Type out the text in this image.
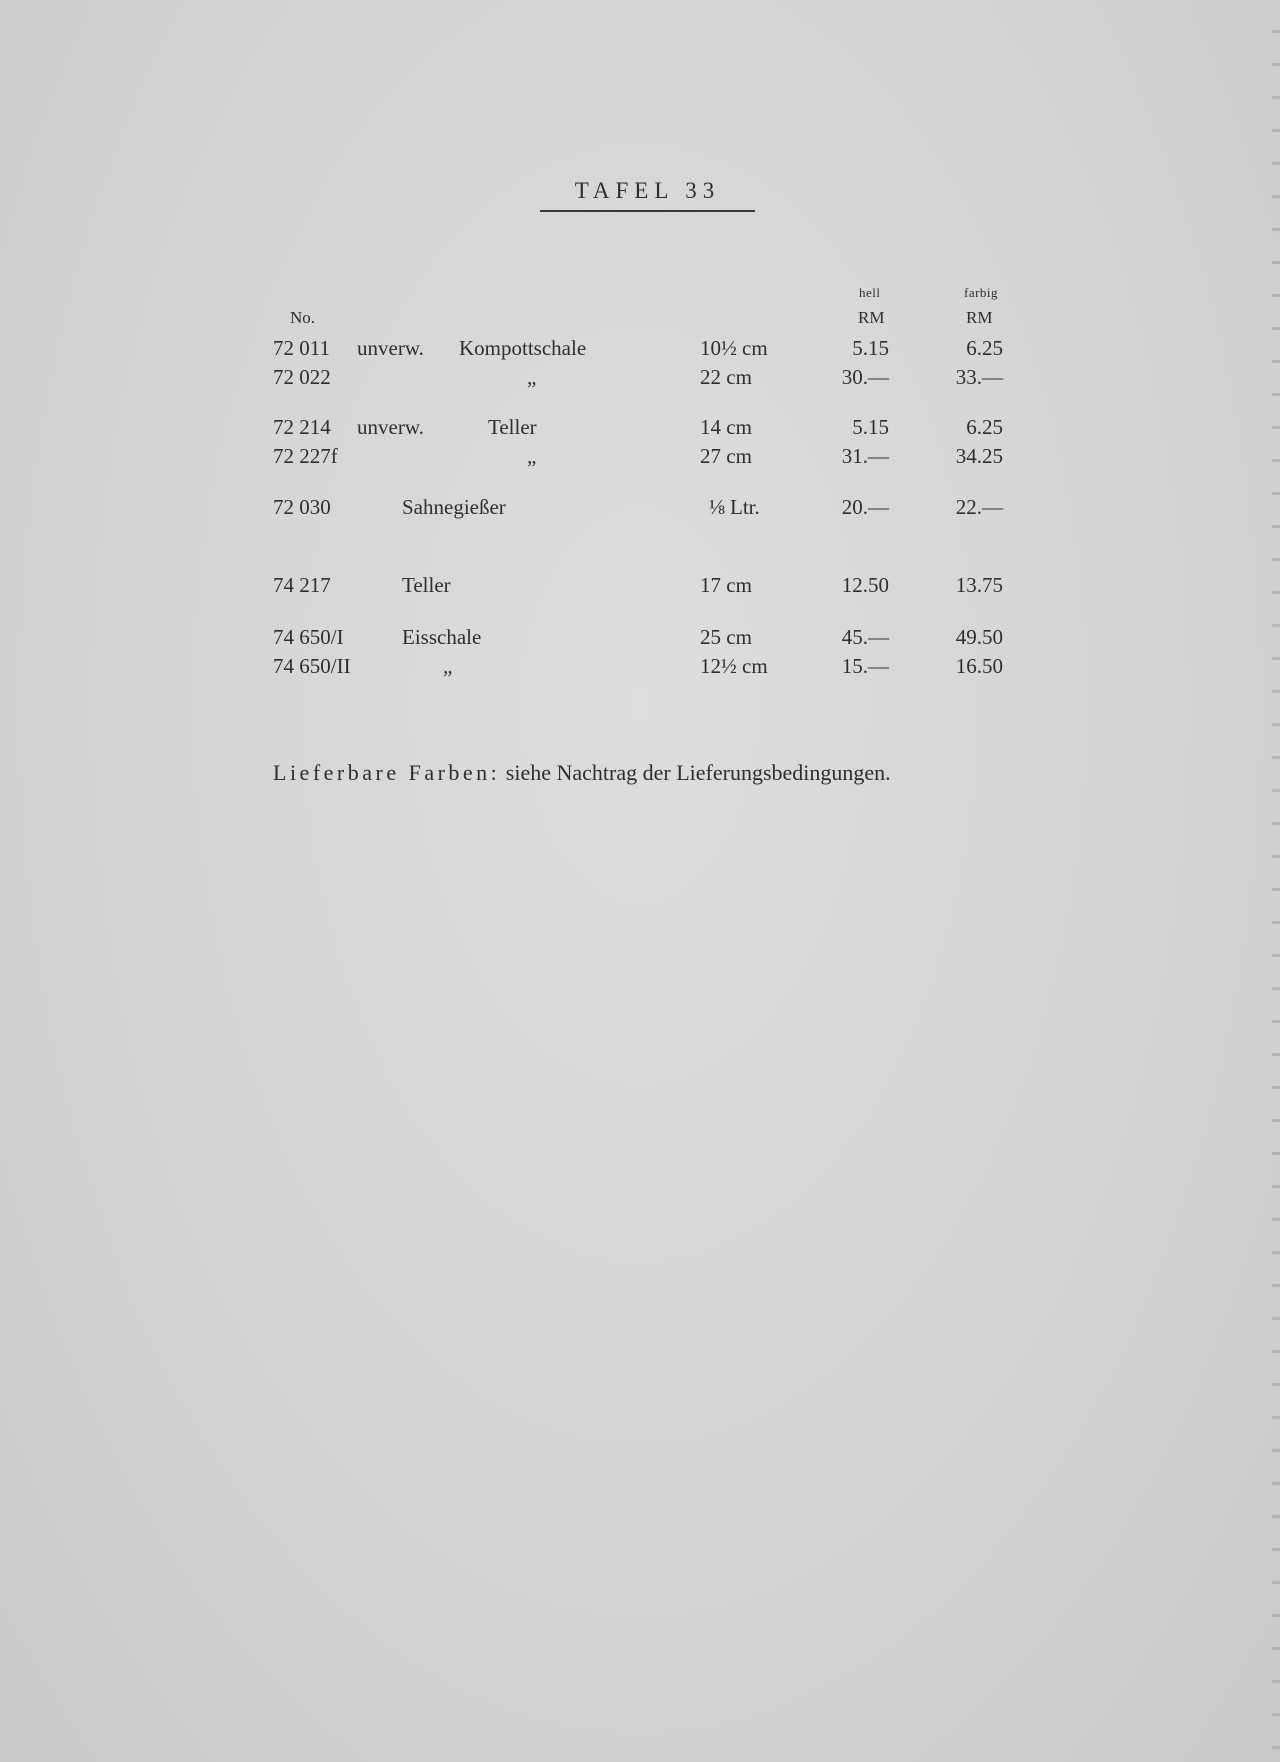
TAFEL 33
hell	farbig
No.	RM	RM
72 011 unverw. Kompottschale	10½ cm	5.15	6.25
72 022	„	22 cm	30.—	33.—
72 214 unverw.	Teller	14 cm	5.15	6.25
72 227f	„	27 cm	31.—	34.25
72 030	Sahnegießer	⅛ Ltr.	20.—	22.—
74 217	Teller	17 cm	12.50	13.75
74 650/I	Eisschale	25 cm	45.—	49.50
74 650/II	„	12½ cm	15.—	16.50
Lieferbare Farben: siehe Nachtrag der Lieferungsbedingungen.
